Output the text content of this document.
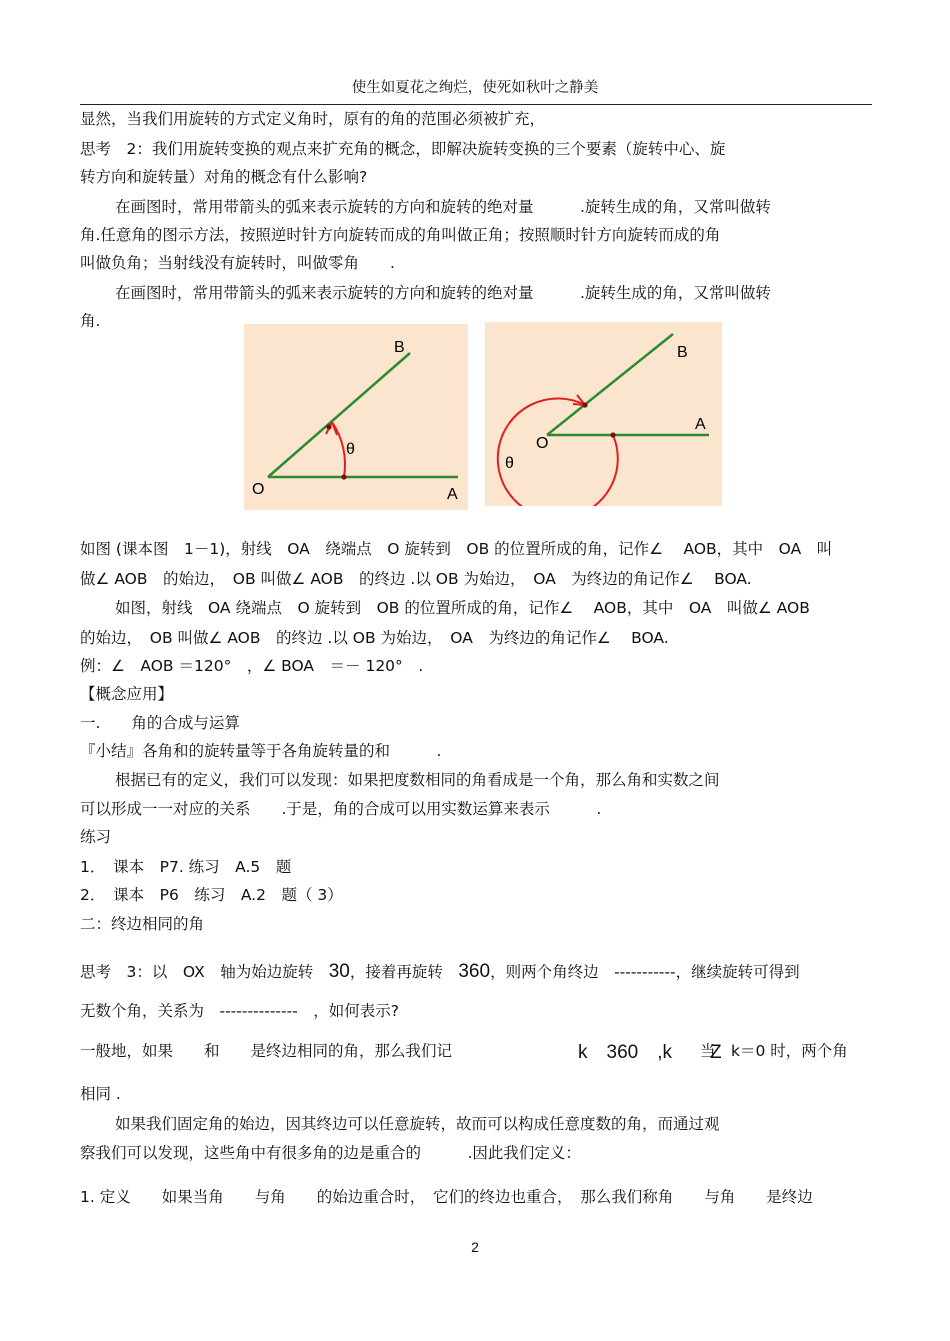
使生如夏花之绚烂，使死如秋叶之静美
显然，当我们用旋转的方式定义角时，原有的角的范围必须被扩充，
思考　2：我们用旋转变换的观点来扩充角的概念，即解决旋转变换的三个要素（旋转中心、旋
转方向和旋转量）对角的概念有什么影响?
在画图时，常用带箭头的弧来表示旋转的方向和旋转的绝对量　　　.旋转生成的角，又常叫做转
角.任意角的图示方法，按照逆时针方向旋转而成的角叫做正角；按照顺时针方向旋转而成的角
叫做负角；当射线没有旋转时，叫做零角　　.
在画图时，常用带箭头的弧来表示旋转的方向和旋转的绝对量　　　.旋转生成的角，又常叫做转
角.
B
O	A
θ
B
O
A
θ
如图 (课本图　1－1)，射线　OA　绕端点　O 旋转到　OB 的位置所成的角，记作∠　 AOB，其中　OA　叫
做∠ AOB　的始边，　OB 叫做∠ AOB　的终边 .以 OB 为始边，　OA　为终边的角记作∠　 BOA.
如图，射线　OA 绕端点　O 旋转到　OB 的位置所成的角，记作∠　 AOB，其中　OA　叫做∠ AOB
的始边，　OB 叫做∠ AOB　的终边 .以 OB 为始边，　OA　为终边的角记作∠　 BOA.
例：∠　AOB ＝120°　，∠ BOA　＝－ 120°　.
【概念应用】
一.　　角的合成与运算
『小结』各角和的旋转量等于各角旋转量的和　　　.
根据已有的定义，我们可以发现：如果把度数相同的角看成是一个角，那么角和实数之间
可以形成一一对应的关系　　.于是，角的合成可以用实数运算来表示　　　.
练习
1．　课本　P7. 练习　A.5　题
2．　课本　P6　练习　A.2　题（ 3）
二：终边相同的角
思考　3：以　OX　轴为始边旋转　30，接着再旋转　360，则两个角终边　-----------，继续旋转可得到
无数个角，关系为　--------------　，如何表示?
一般地，如果　　和　　是终边相同的角，那么我们记	k　360　,k　　Z
当　k＝0 时，两个角
相同 .
如果我们固定角的始边，因其终边可以任意旋转，故而可以构成任意度数的角，而通过观
察我们可以发现，这些角中有很多角的边是重合的　　　.因此我们定义：
1. 定义　　如果当角　　与角　　的始边重合时，　它们的终边也重合，　那么我们称角　　与角　　是终边
2
